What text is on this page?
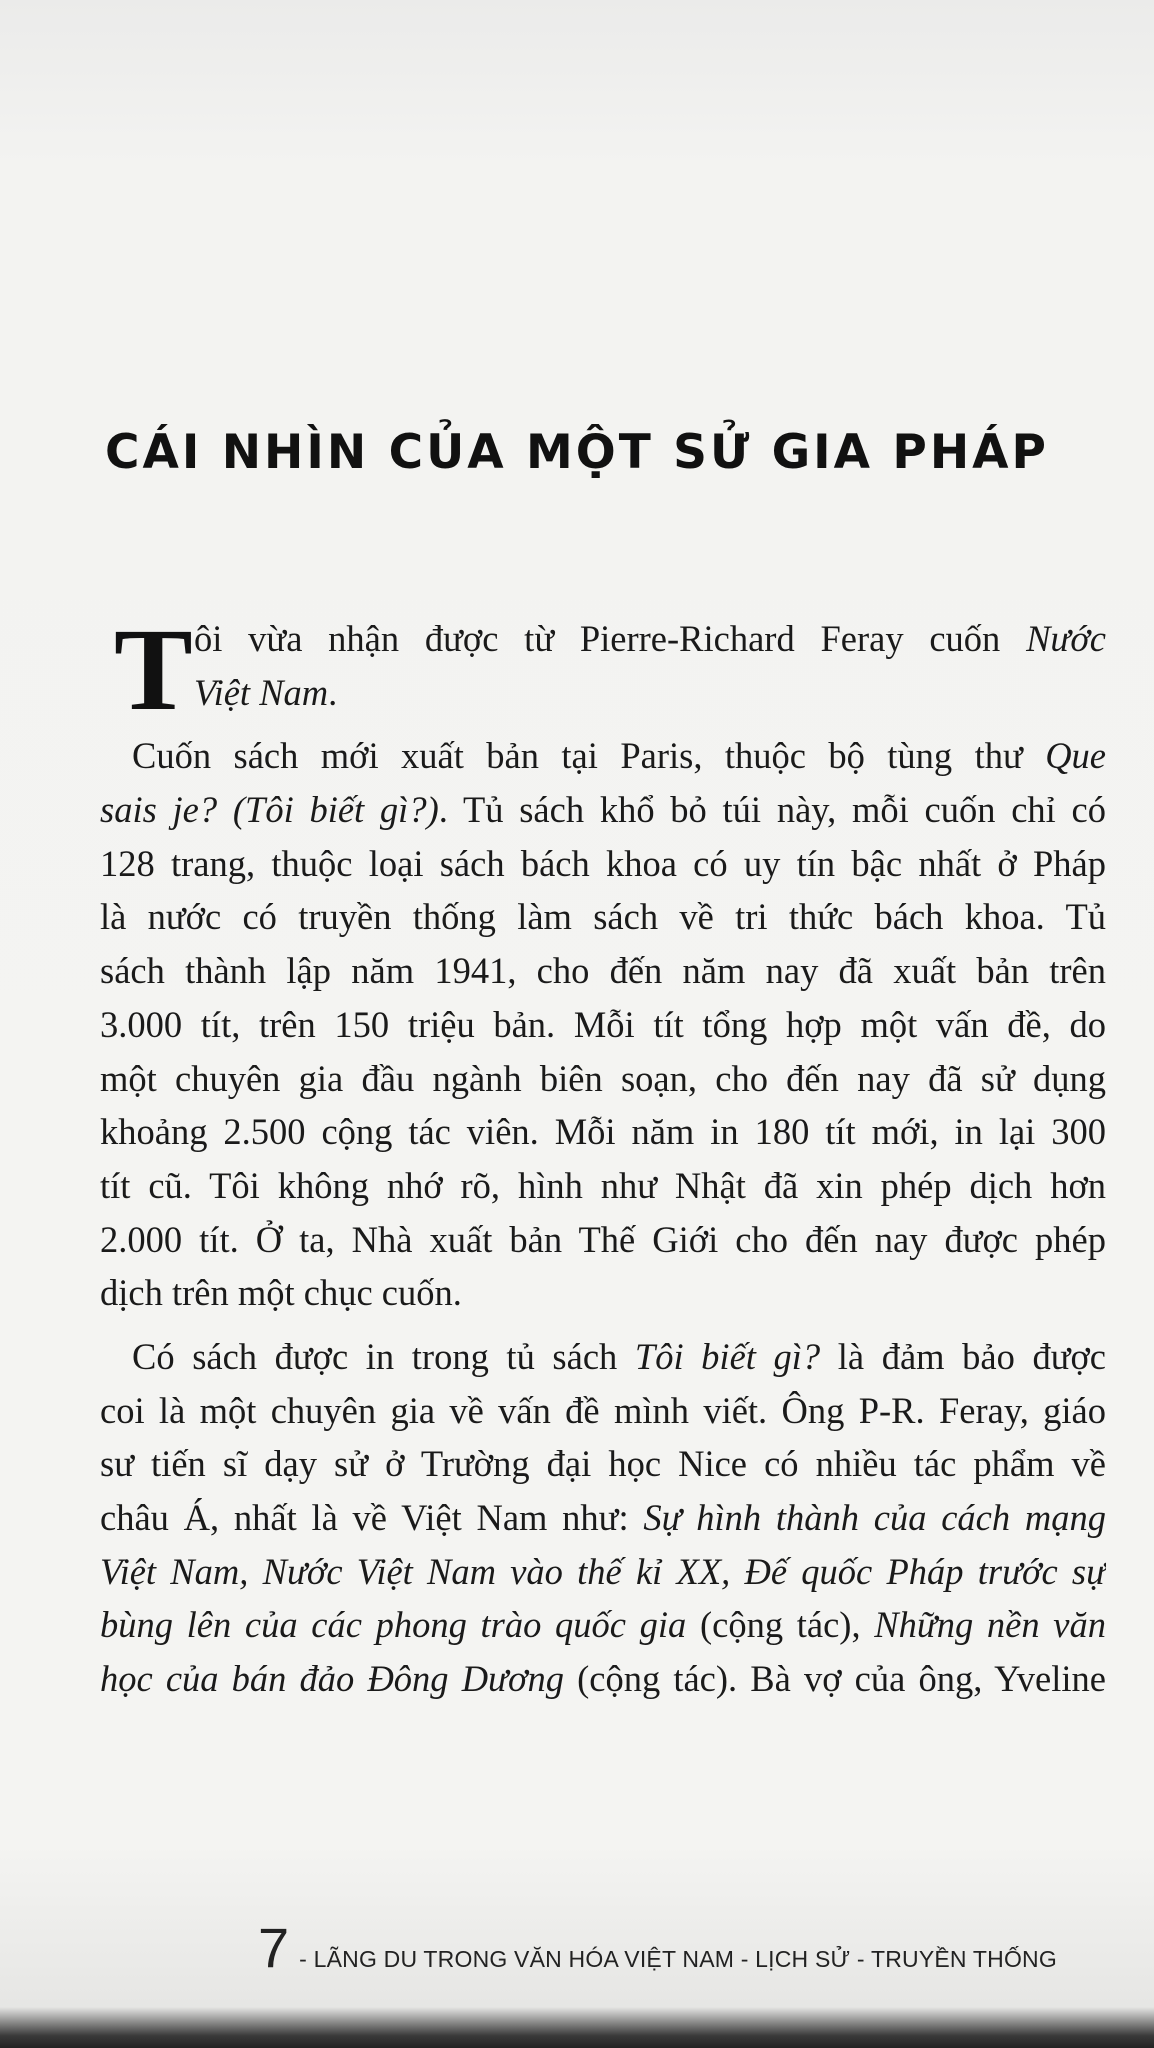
CÁI NHÌN CỦA MỘT SỬ GIA PHÁP
T ôi vừa nhận được từ Pierre-Richard Feray cuốn Nước
Việt Nam.
Cuốn sách mới xuất bản tại Paris, thuộc bộ tùng thư Que
sais je? (Tôi biết gì?). Tủ sách khổ bỏ túi này, mỗi cuốn chỉ có
128 trang, thuộc loại sách bách khoa có uy tín bậc nhất ở Pháp
là nước có truyền thống làm sách về tri thức bách khoa. Tủ
sách thành lập năm 1941, cho đến năm nay đã xuất bản trên
3.000 tít, trên 150 triệu bản. Mỗi tít tổng hợp một vấn đề, do
một chuyên gia đầu ngành biên soạn, cho đến nay đã sử dụng
khoảng 2.500 cộng tác viên. Mỗi năm in 180 tít mới, in lại 300
tít cũ. Tôi không nhớ rõ, hình như Nhật đã xin phép dịch hơn
2.000 tít. Ở ta, Nhà xuất bản Thế Giới cho đến nay được phép
dịch trên một chục cuốn.
Có sách được in trong tủ sách Tôi biết gì? là đảm bảo được
coi là một chuyên gia về vấn đề mình viết. Ông P-R. Feray, giáo
sư tiến sĩ dạy sử ở Trường đại học Nice có nhiều tác phẩm về
châu Á, nhất là về Việt Nam như: Sự hình thành của cách mạng
Việt Nam, Nước Việt Nam vào thế kỉ XX, Đế quốc Pháp trước sự
bùng lên của các phong trào quốc gia (cộng tác), Những nền văn
học của bán đảo Đông Dương (cộng tác). Bà vợ của ông, Yveline
7 - LÃNG DU TRONG VĂN HÓA VIỆT NAM - LỊCH SỬ - TRUYỀN THỐNG
